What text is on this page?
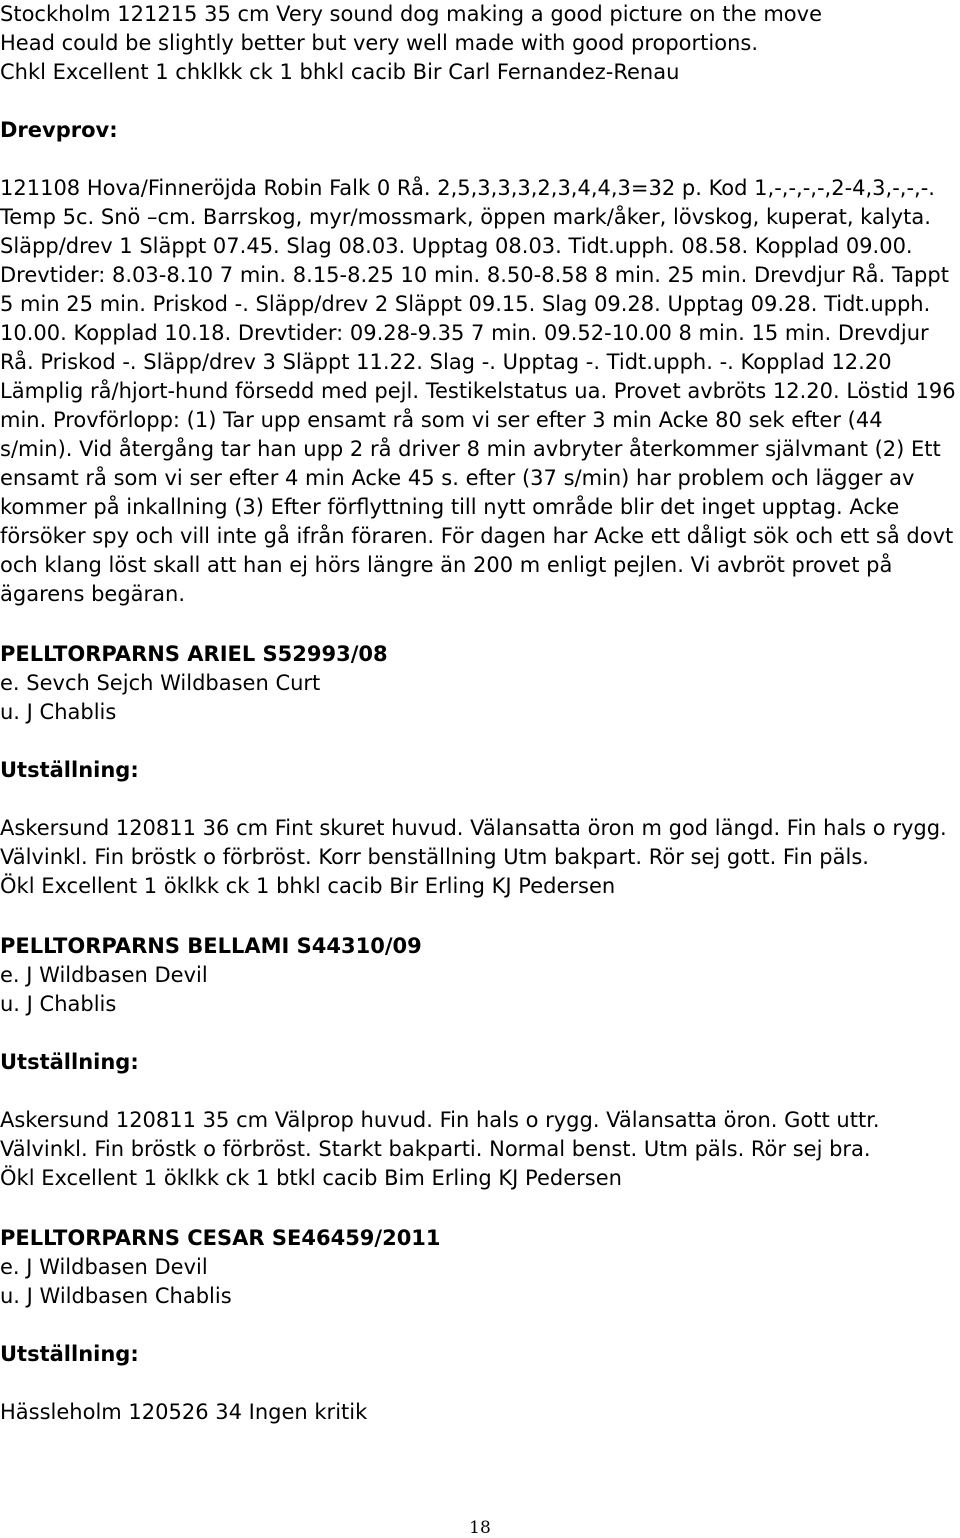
Stockholm 121215 35 cm Very sound dog making a good picture on the move

Head could be slightly better but very well made with good proportions.

Chkl Excellent 1 chklkk ck 1 bhkl cacib Bir Carl Fernandez-Renau

Drevprov:

121108 Hova/Finneröjda Robin Falk 0 Rå. 2,5,3,3,3,2,3,4,4,3=32 p. Kod 1,-,-,-,-,2-4,3,-,-,-. Temp 5c. Snö –cm. Barrskog, myr/mossmark, öppen mark/åker, lövskog, kuperat, kalyta. Släpp/drev 1 Släppt 07.45. Slag 08.03. Upptag 08.03. Tidt.upph. 08.58. Kopplad 09.00. Drevtider: 8.03-8.10 7 min. 8.15-8.25 10 min. 8.50-8.58 8 min. 25 min. Drevdjur Rå. Tappt 5 min 25 min. Priskod -. Släpp/drev 2 Släppt 09.15. Slag 09.28. Upptag 09.28. Tidt.upph. 10.00. Kopplad 10.18. Drevtider: 09.28-9.35 7 min. 09.52-10.00 8 min. 15 min. Drevdjur Rå. Priskod -. Släpp/drev 3 Släppt 11.22. Slag -. Upptag -. Tidt.upph. -. Kopplad 12.20 Lämplig rå/hjort-hund försedd med pejl. Testikelstatus ua. Provet avbröts 12.20. Löstid 196 min. Provförlopp: (1) Tar upp ensamt rå som vi ser efter 3 min Acke 80 sek efter (44 s/min). Vid återgång tar han upp 2 rå driver 8 min avbryter återkommer självmant (2) Ett ensamt rå som vi ser efter 4 min Acke 45 s. efter (37 s/min) har problem och lägger av kommer på inkallning (3) Efter förflyttning till nytt område blir det inget upptag. Acke försöker spy och vill inte gå ifrån föraren. För dagen har Acke ett dåligt sök och ett så dovt och klang löst skall att han ej hörs längre än 200 m enligt pejlen. Vi avbröt provet på ägarens begäran.

PELLTORPARNS ARIEL S52993/08

e. Sevch Sejch Wildbasen Curt

u. J Chablis

Utställning:

Askersund 120811 36 cm Fint skuret huvud. Välansatta öron m god längd. Fin hals o rygg. Välvinkl. Fin bröstk o förbröst. Korr benställning Utm bakpart. Rör sej gott. Fin päls.

Ökl Excellent 1 öklkk ck 1 bhkl cacib Bir Erling KJ Pedersen

PELLTORPARNS BELLAMI S44310/09

e. J Wildbasen Devil

u. J Chablis

Utställning:

Askersund 120811 35 cm Välprop huvud. Fin hals o rygg. Välansatta öron. Gott uttr. Välvinkl. Fin bröstk o förbröst. Starkt bakparti. Normal benst. Utm päls. Rör sej bra.

Ökl Excellent 1 öklkk ck 1 btkl cacib Bim Erling KJ Pedersen

PELLTORPARNS CESAR SE46459/2011

e. J Wildbasen Devil

u. J Wildbasen Chablis

Utställning:

Hässleholm 120526 34 Ingen kritik

18
